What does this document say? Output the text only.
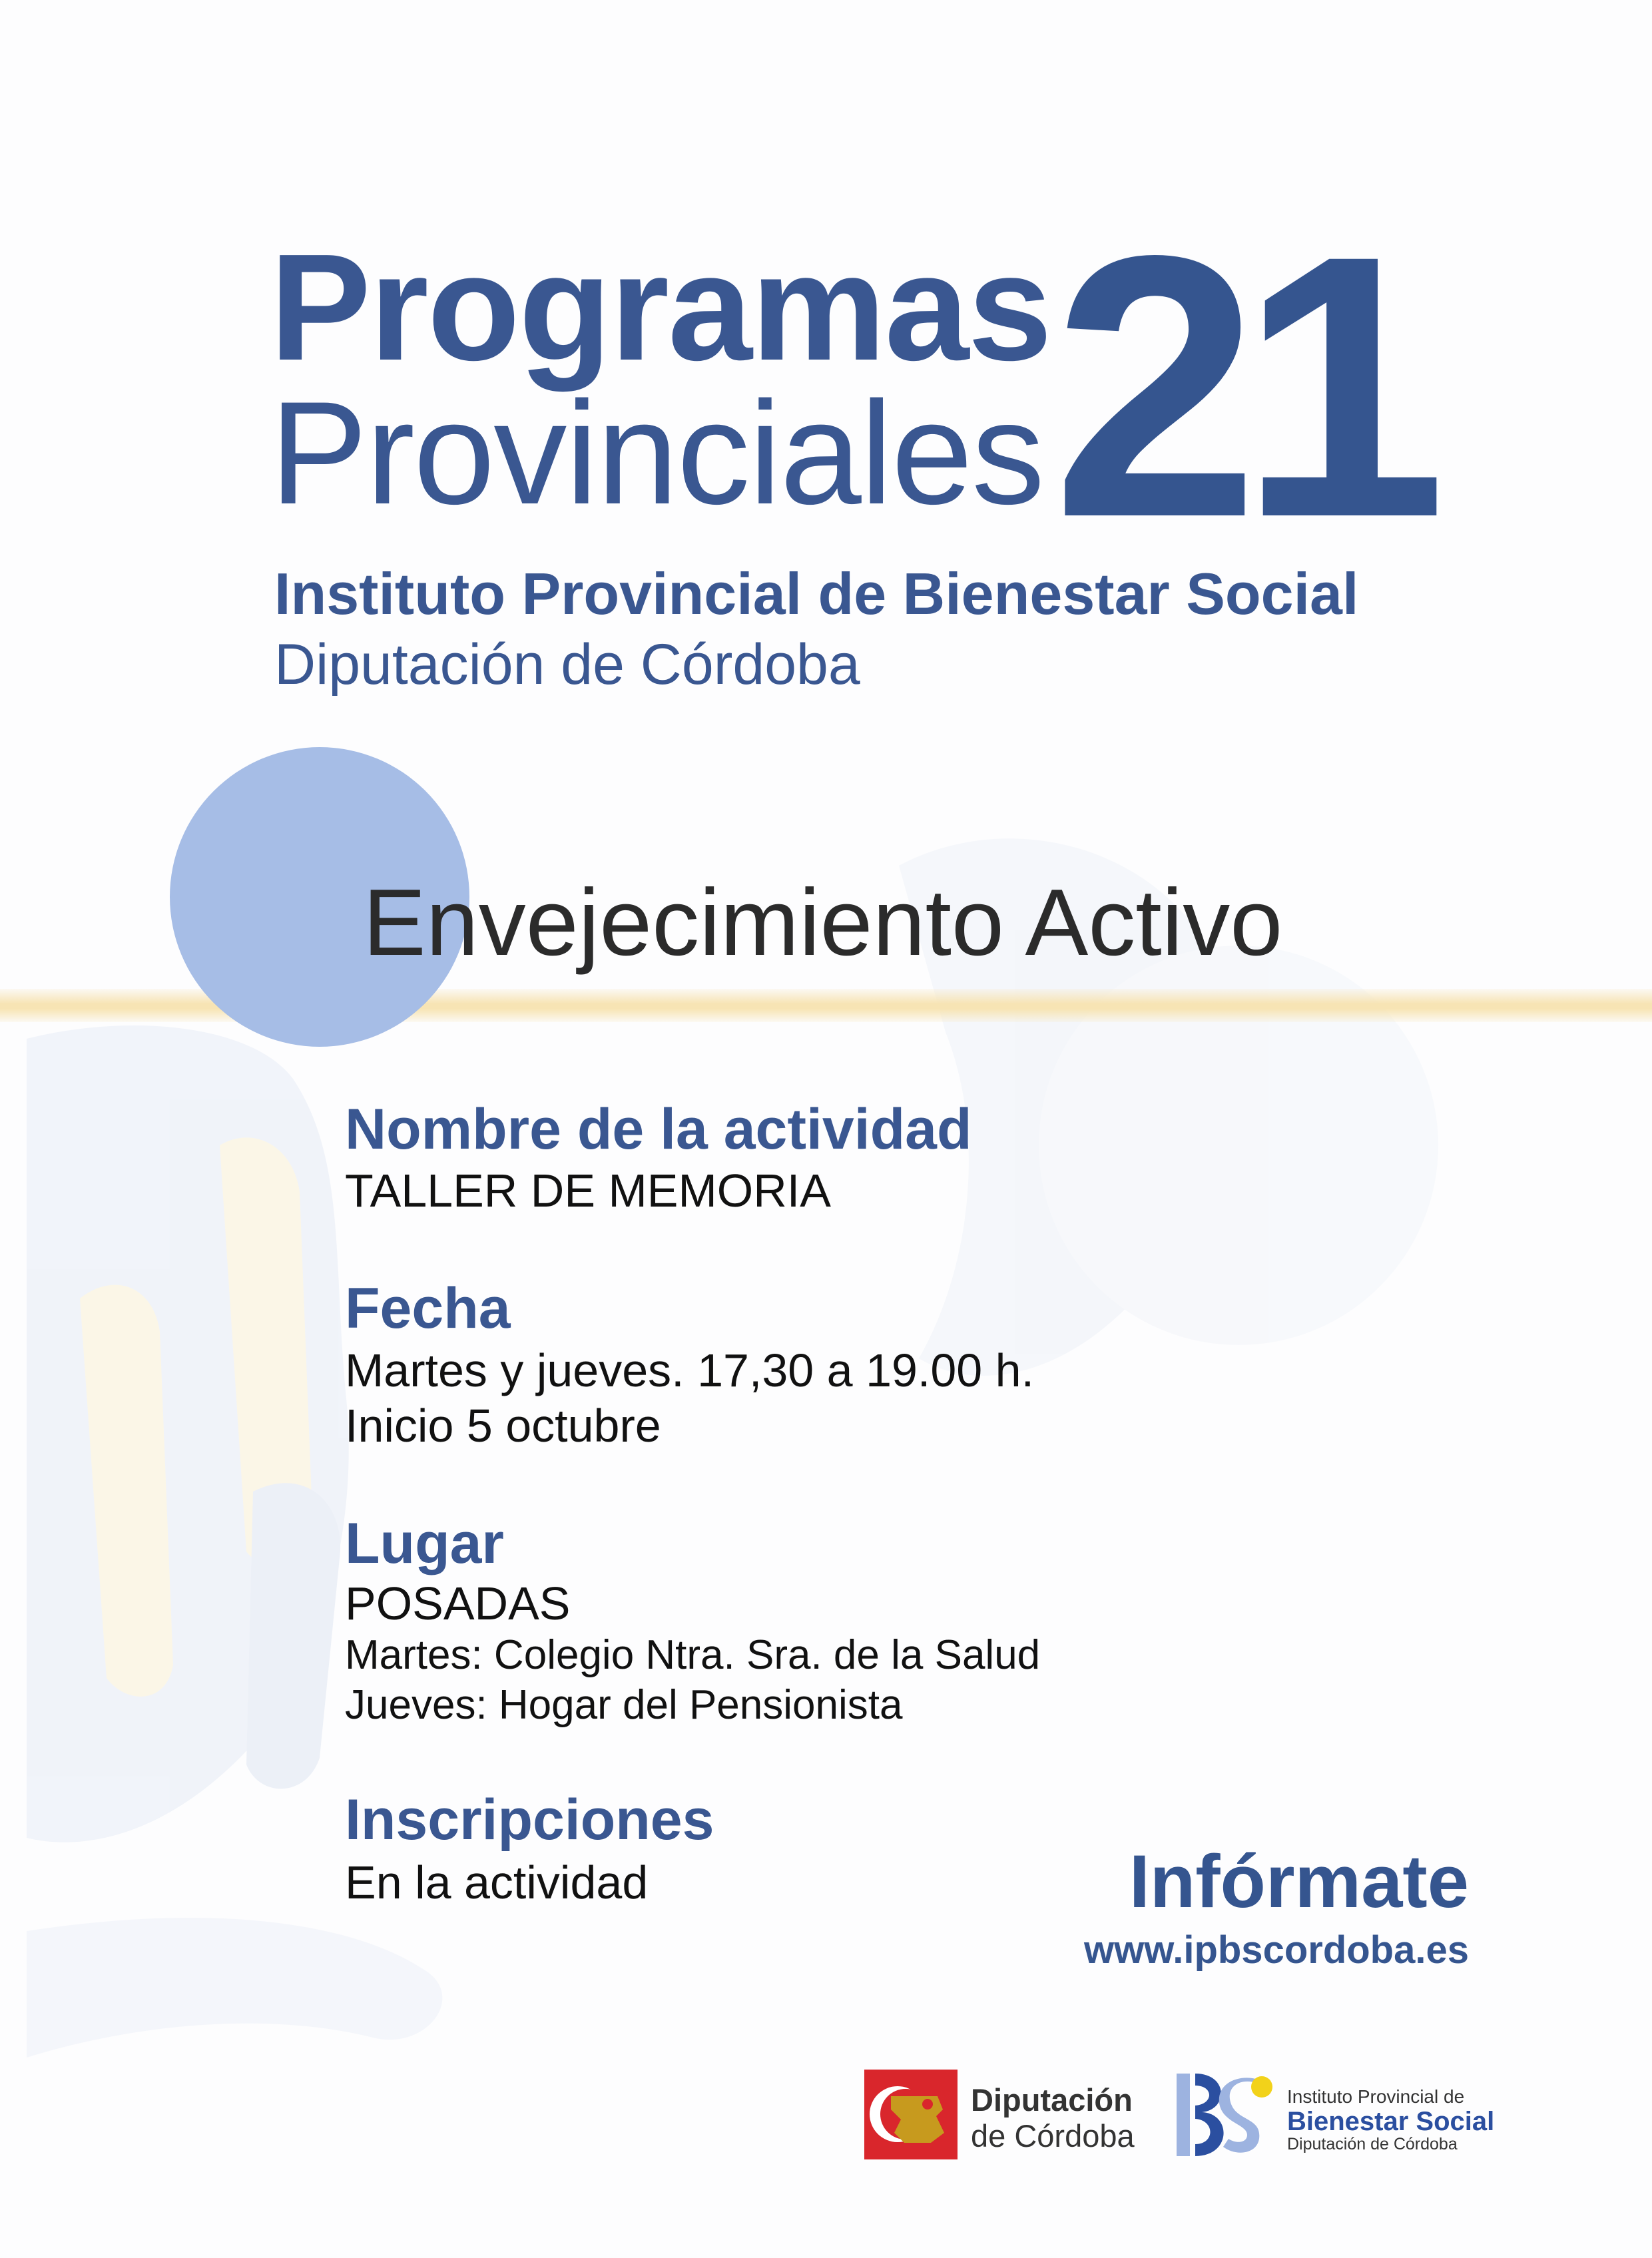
Programas
Provinciales 21
Instituto Provincial de Bienestar Social
Diputación de Córdoba
Envejecimiento Activo
Nombre de la actividad
TALLER DE MEMORIA
Fecha
Martes y jueves. 17,30 a 19.00 h.
Inicio 5 octubre
Lugar
POSADAS
Martes: Colegio Ntra. Sra. de la Salud
Jueves: Hogar del Pensionista
Inscripciones
En la actividad	Infórmate
www.ipbscordoba.es
Diputación
de Córdoba
Instituto Provincial de
Bienestar Social
Diputación de Córdoba
